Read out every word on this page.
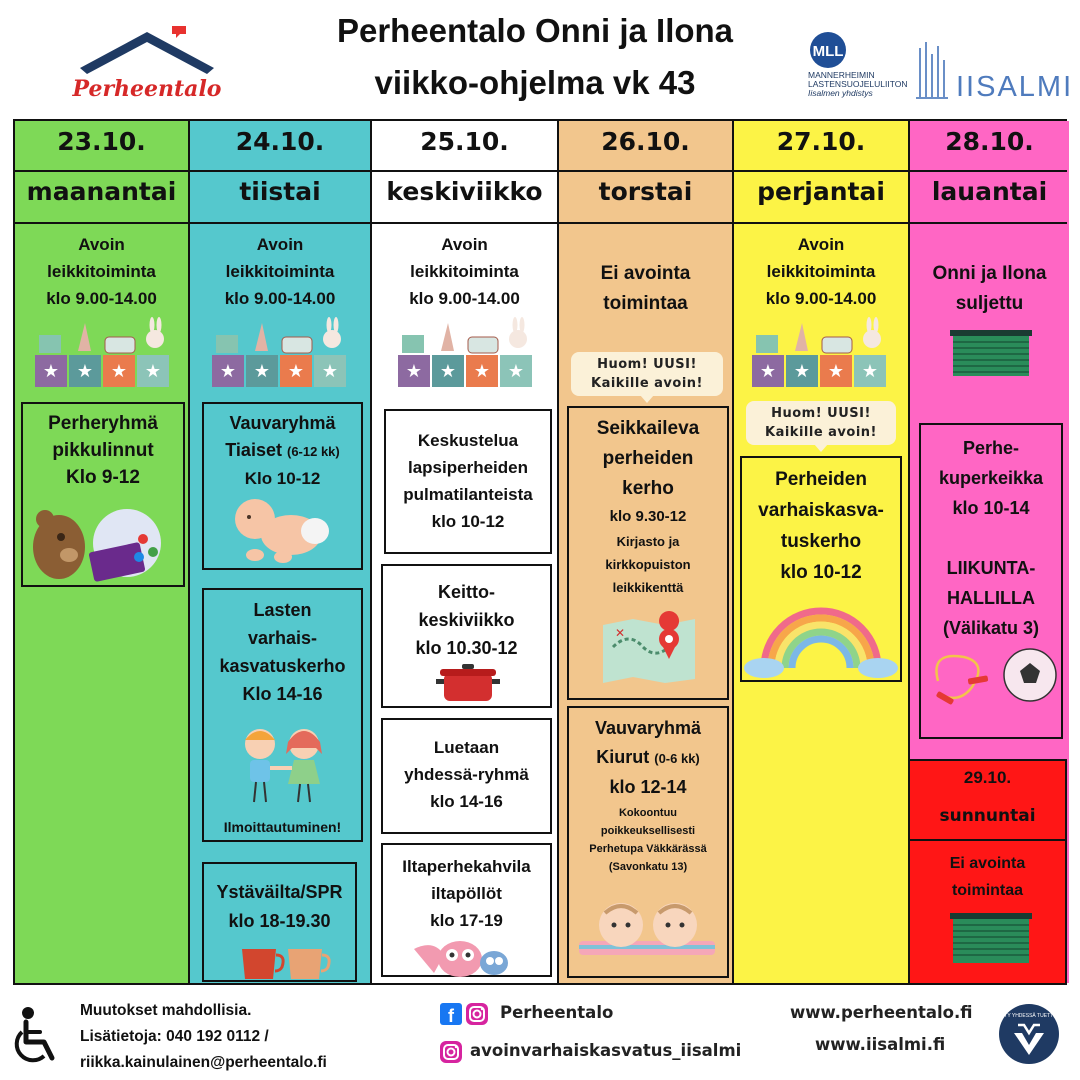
Perheentalo
Perheentalo Onni ja Ilona
viikko-ohjelma vk 43
MLL
MANNERHEIMIN
LASTENSUOJELULIITON
Iisalmen yhdistys	IISALMI
23.10.
maanantai
Avoin
leikkitoiminta
klo 9.00-14.00
★ ★ ★ ★
Perheryhmä
pikkulinnut
Klo 9-12
24.10.
tiistai
Avoin
leikkitoiminta
klo 9.00-14.00
★ ★ ★ ★
Vauvaryhmä
Tiaiset (6-12 kk)
Klo 10-12
Lasten
varhais-
kasvatuskerho
Klo 14-16
Ilmoittautuminen!
Ystäväilta/SPR
klo 18-19.30
25.10.
keskiviikko
Avoin
leikkitoiminta
klo 9.00-14.00
★ ★ ★ ★
Keskustelua
lapsiperheiden
pulmatilanteista
klo 10-12
Keitto-
keskiviikko
klo 10.30-12
Luetaan
yhdessä-ryhmä
klo 14-16
Iltaperhekahvila
iltapöllöt
klo 17-19
26.10.
torstai
Ei avointa
toimintaa
Huom! UUSI!
Kaikille avoin!
Seikkaileva
perheiden
kerho
klo 9.30-12
Kirjasto ja
kirkkopuiston
leikkikenttä
✕
Vauvaryhmä
Kiurut (0-6 kk)
klo 12-14
Kokoontuu
poikkeuksellisesti
Perhetupa Väkkärässä
(Savonkatu 13)
27.10.
perjantai
Avoin
leikkitoiminta
klo 9.00-14.00
★ ★ ★ ★
Huom! UUSI!
Kaikille avoin!
Perheiden
varhaiskasva-
tuskerho
klo 10-12
28.10.
lauantai
Onni ja Ilona
suljettu
Perhe-
kuperkeikka
klo 10-14
LIIKUNTA-
HALLILLA
(Välikatu 3)
29.10.
sunnuntai
Ei avointa
toimintaa
Muutokset mahdollisia.
Lisätietoja: 040 192 0112 /
riikka.kainulainen@perheentalo.fi
f	Perheentalo
avoinvarhaiskasvatus_iisalmi
www.perheentalo.fi
www.iisalmi.fi
TEHTY YHDESSÄ TUETTUNA
